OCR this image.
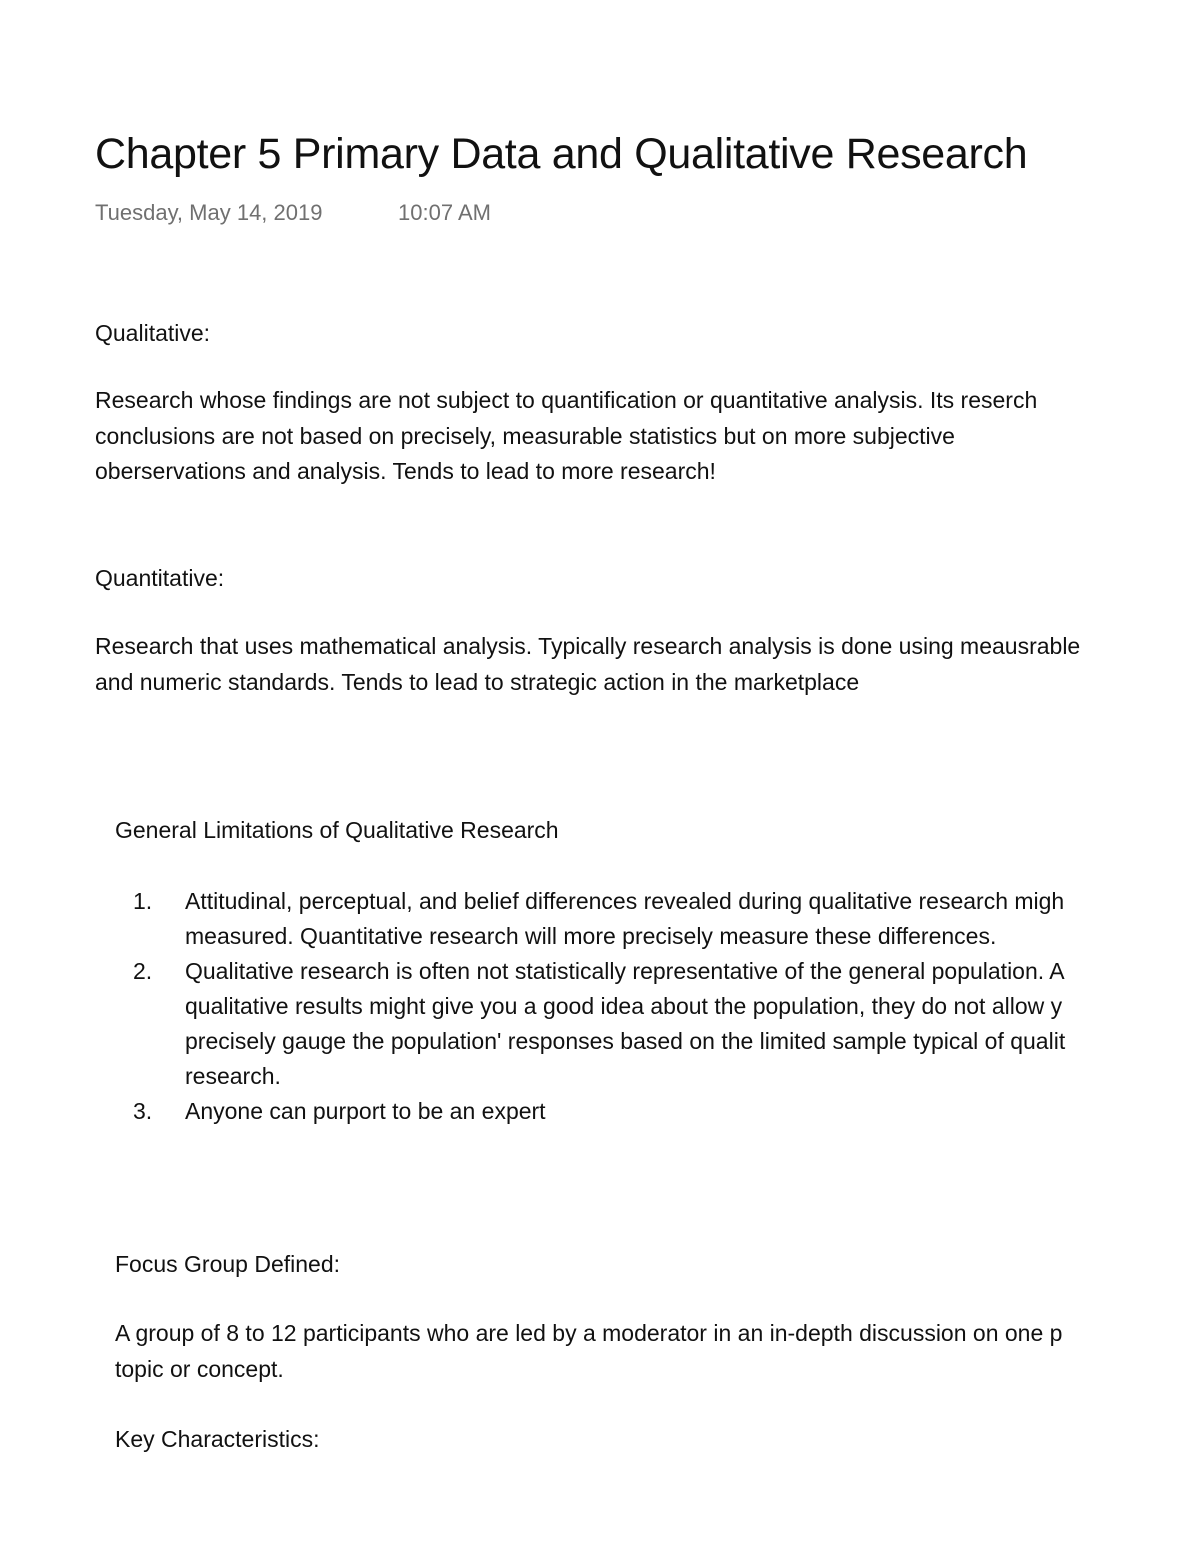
Chapter 5 Primary Data and Qualitative Research
Tuesday, May 14, 2019	10:07 AM
Qualitative:
Research whose findings are not subject to quantification or quantitative analysis. Its reserch
conclusions are not based on precisely, measurable statistics but on more subjective
oberservations and analysis. Tends to lead to more research!
Quantitative:
Research that uses mathematical analysis. Typically research analysis is done using meausrable
and numeric standards. Tends to lead to strategic action in the marketplace
General Limitations of Qualitative Research
1. Attitudinal, perceptual, and belief differences revealed during qualitative research migh
measured. Quantitative research will more precisely measure these differences.
2. Qualitative research is often not statistically representative of the general population. A
qualitative results might give you a good idea about the population, they do not allow y
precisely gauge the population' responses based on the limited sample typical of qualit
research.
3. Anyone can purport to be an expert
Focus Group Defined:
A group of 8 to 12 participants who are led by a moderator in an in-depth discussion on one p
topic or concept.
Key Characteristics:
